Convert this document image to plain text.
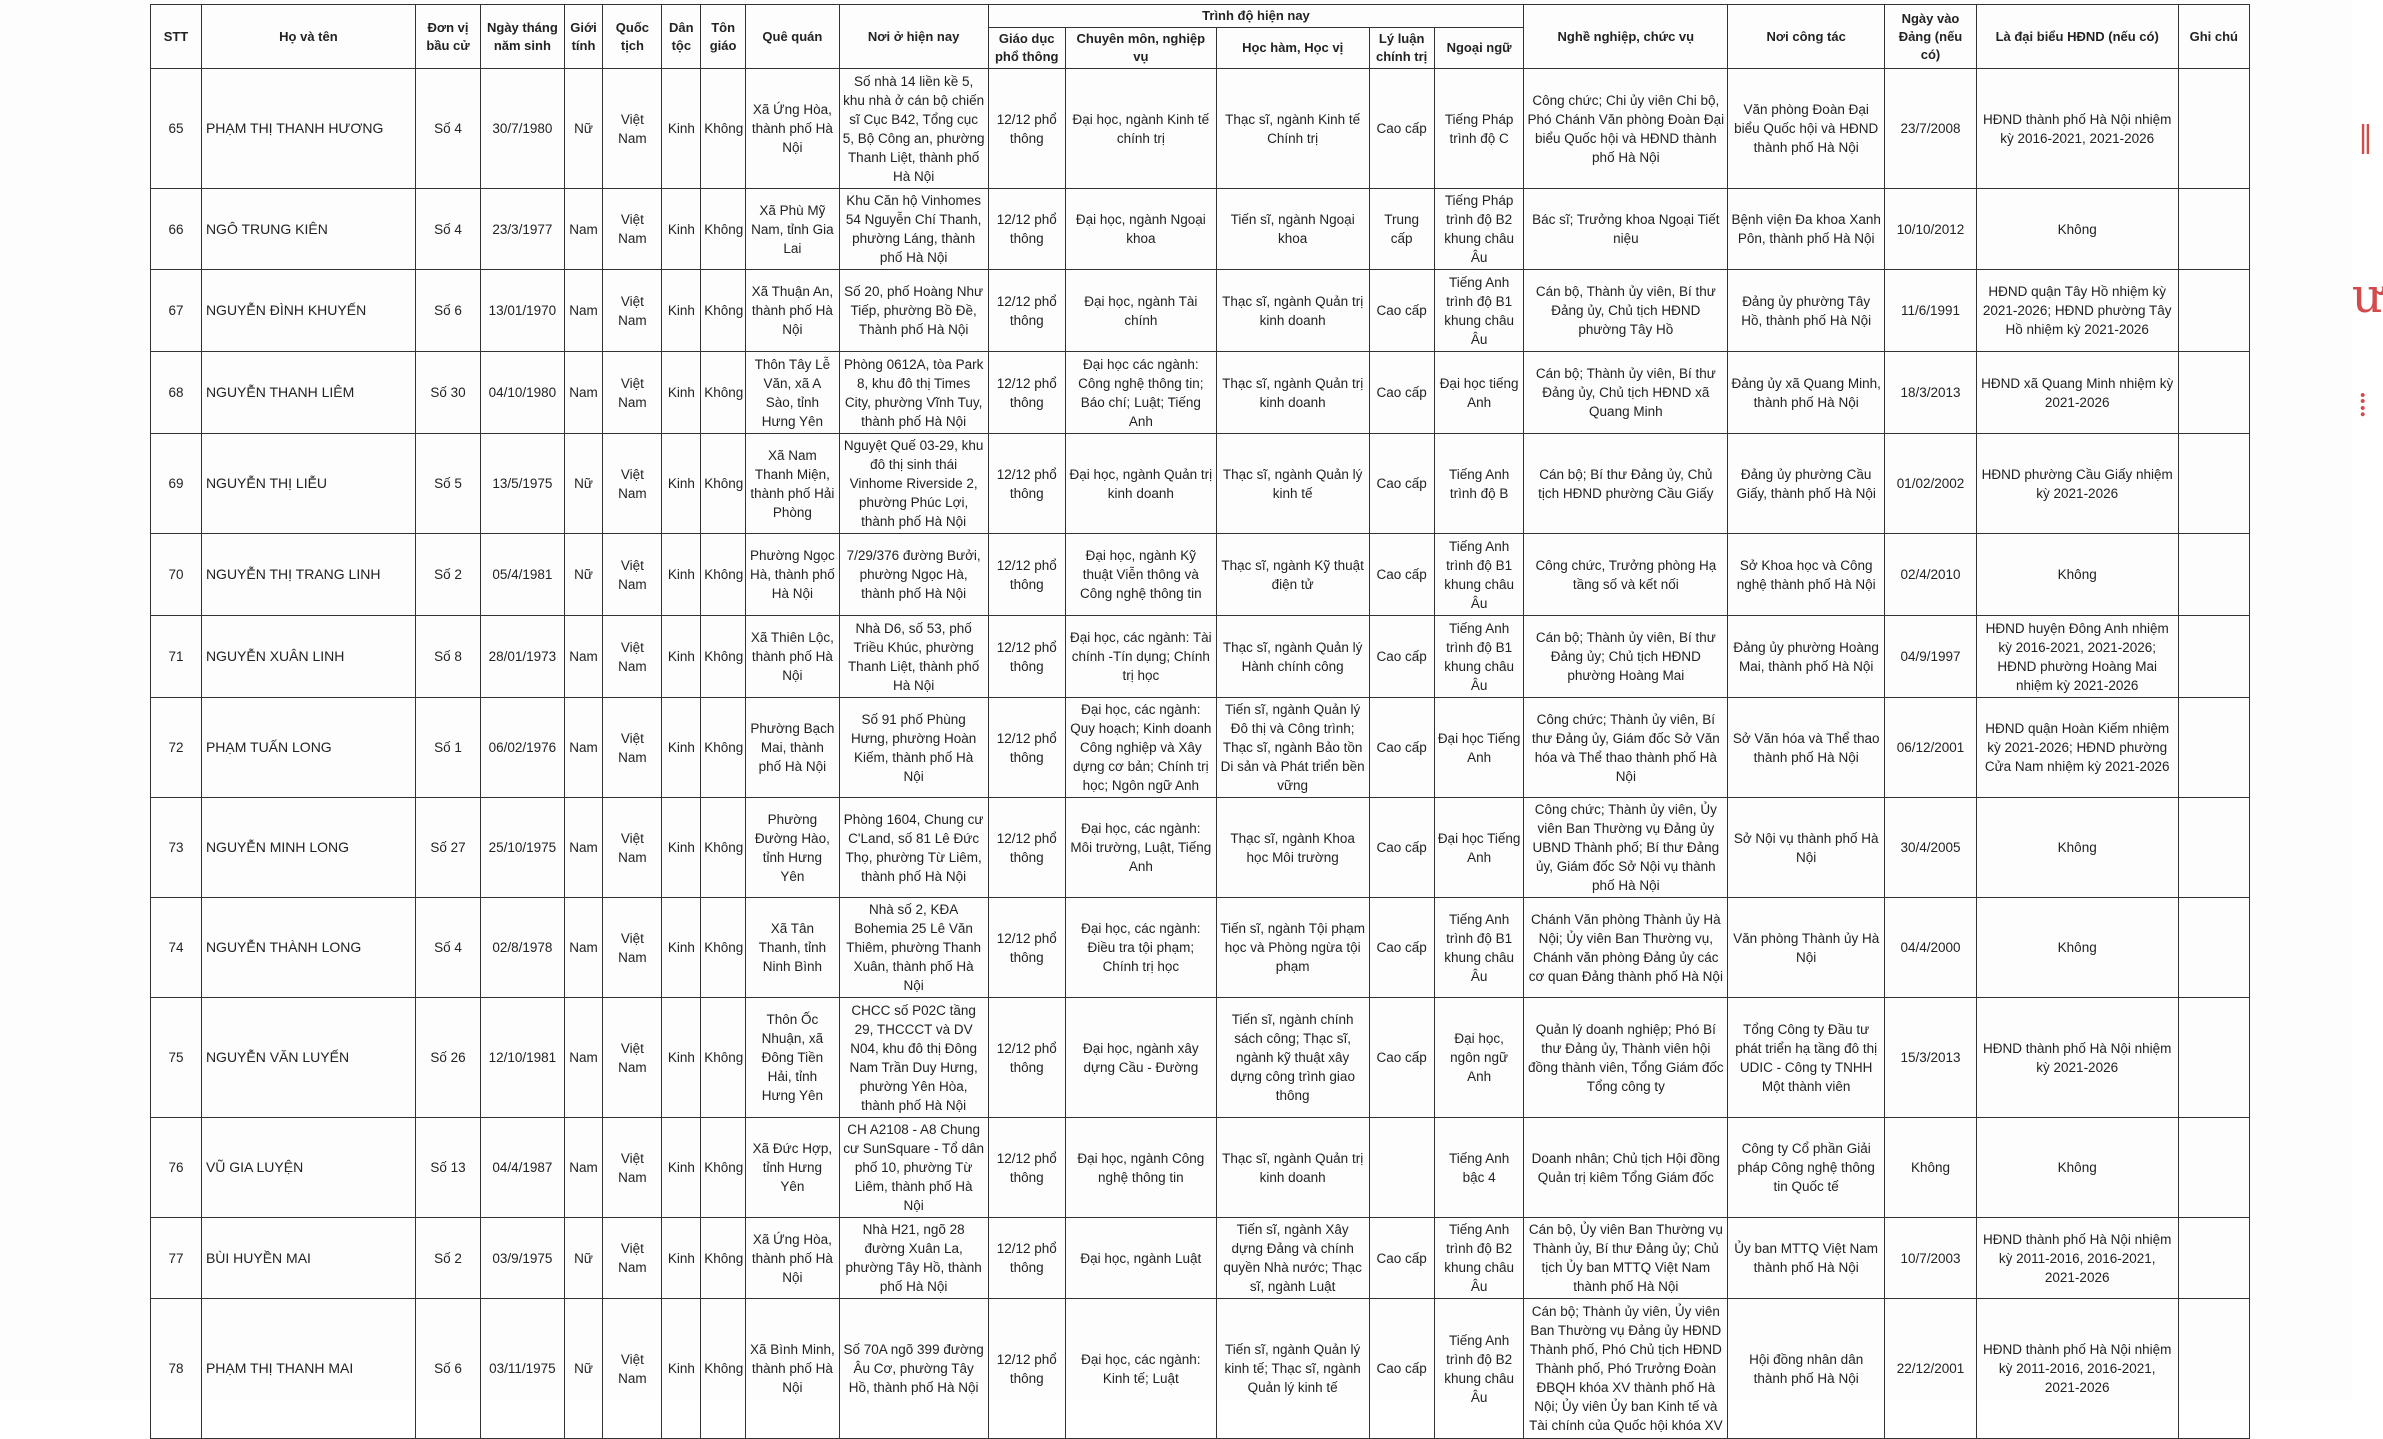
STT	Họ và tên	Đơn vị bầu cử	Ngày tháng năm sinh	Giới tính	Quốc tịch	Dân tộc	Tôn giáo	Quê quán	Nơi ở hiện nay	Trình độ hiện nay					Nghề nghiệp, chức vụ	Nơi công tác	Ngày vào Đảng (nếu có)	Là đại biểu HĐND (nếu có)	Ghi chú
										Giáo dục phổ thông	Chuyên môn, nghiệp vụ	Học hàm, Học vị	Lý luận chính trị	Ngoại ngữ					
65	PHẠM THỊ THANH HƯƠNG	Số 4	30/7/1980	Nữ	Việt Nam	Kinh	Không	Xã Ứng Hòa, thành phố Hà Nội	Số nhà 14 liền kề 5, khu nhà ở cán bộ chiến sĩ Cục B42, Tổng cục 5, Bộ Công an, phường Thanh Liệt, thành phố Hà Nội	12/12 phổ thông	Đại học, ngành Kinh tế chính trị	Thạc sĩ, ngành Kinh tế Chính trị	Cao cấp	Tiếng Pháp trình độ C	Công chức; Chi ủy viên Chi bộ, Phó Chánh Văn phòng Đoàn Đại biểu Quốc hội và HĐND thành phố Hà Nội	Văn phòng Đoàn Đại biểu Quốc hội và HĐND thành phố Hà Nội	23/7/2008	HĐND thành phố Hà Nội nhiệm kỳ 2016-2021, 2021-2026	
66	NGÔ TRUNG KIÊN	Số 4	23/3/1977	Nam	Việt Nam	Kinh	Không	Xã Phù Mỹ Nam, tỉnh Gia Lai	Khu Căn hộ Vinhomes 54 Nguyễn Chí Thanh, phường Láng, thành phố Hà Nội	12/12 phổ thông	Đại học, ngành Ngoại khoa	Tiến sĩ, ngành Ngoại khoa	Trung cấp	Tiếng Pháp trình độ B2 khung châu Âu	Bác sĩ; Trưởng khoa Ngoại Tiết niệu	Bệnh viện Đa khoa Xanh Pôn, thành phố Hà Nội	10/10/2012	Không	
67	NGUYỄN ĐÌNH KHUYẾN	Số 6	13/01/1970	Nam	Việt Nam	Kinh	Không	Xã Thuận An, thành phố Hà Nội	Số 20, phố Hoàng Như Tiếp, phường Bồ Đề, Thành phố Hà Nội	12/12 phổ thông	Đại học, ngành Tài chính	Thạc sĩ, ngành Quản trị kinh doanh	Cao cấp	Tiếng Anh trình độ B1 khung châu Âu	Cán bộ, Thành ủy viên, Bí thư Đảng ủy, Chủ tịch HĐND phường Tây Hồ	Đảng ủy phường Tây Hồ, thành phố Hà Nội	11/6/1991	HĐND quận Tây Hồ nhiệm kỳ 2021-2026; HĐND phường Tây Hồ nhiệm kỳ 2021-2026	
68	NGUYỄN THANH LIÊM	Số 30	04/10/1980	Nam	Việt Nam	Kinh	Không	Thôn Tây Lễ Văn, xã A Sào, tỉnh Hưng Yên	Phòng 0612A, tòa Park 8, khu đô thị Times City, phường Vĩnh Tuy, thành phố Hà Nội	12/12 phổ thông	Đại học các ngành: Công nghệ thông tin; Báo chí; Luật; Tiếng Anh	Thạc sĩ, ngành Quản trị kinh doanh	Cao cấp	Đại học tiếng Anh	Cán bộ; Thành ủy viên, Bí thư Đảng ủy, Chủ tịch HĐND xã Quang Minh	Đảng ủy xã Quang Minh, thành phố Hà Nội	18/3/2013	HĐND xã Quang Minh nhiệm kỳ 2021-2026	
69	NGUYỄN THỊ LIỄU	Số 5	13/5/1975	Nữ	Việt Nam	Kinh	Không	Xã Nam Thanh Miện, thành phố Hải Phòng	Nguyệt Quế 03-29, khu đô thị sinh thái Vinhome Riverside 2, phường Phúc Lợi, thành phố Hà Nội	12/12 phổ thông	Đại học, ngành Quản trị kinh doanh	Thạc sĩ, ngành Quản lý kinh tế	Cao cấp	Tiếng Anh trình độ B	Cán bộ; Bí thư Đảng ủy, Chủ tịch HĐND phường Cầu Giấy	Đảng ủy phường Cầu Giấy, thành phố Hà Nội	01/02/2002	HĐND phường Cầu Giấy nhiệm kỳ 2021-2026	
70	NGUYỄN THỊ TRANG LINH	Số 2	05/4/1981	Nữ	Việt Nam	Kinh	Không	Phường Ngọc Hà, thành phố Hà Nội	7/29/376 đường Bưởi, phường Ngọc Hà, thành phố Hà Nội	12/12 phổ thông	Đại học, ngành Kỹ thuật Viễn thông và Công nghệ thông tin	Thạc sĩ, ngành Kỹ thuật điện tử	Cao cấp	Tiếng Anh trình độ B1 khung châu Âu	Công chức, Trưởng phòng Hạ tầng số và kết nối	Sở Khoa học và Công nghệ thành phố Hà Nội	02/4/2010	Không	
71	NGUYỄN XUÂN LINH	Số 8	28/01/1973	Nam	Việt Nam	Kinh	Không	Xã Thiên Lộc, thành phố Hà Nội	Nhà D6, số 53, phố Triều Khúc, phường Thanh Liệt, thành phố Hà Nội	12/12 phổ thông	Đại học, các ngành: Tài chính -Tín dụng; Chính trị học	Thạc sĩ, ngành Quản lý Hành chính công	Cao cấp	Tiếng Anh trình độ B1 khung châu Âu	Cán bộ; Thành ủy viên, Bí thư Đảng ủy; Chủ tịch HĐND phường Hoàng Mai	Đảng ủy phường Hoàng Mai, thành phố Hà Nội	04/9/1997	HĐND huyện Đông Anh nhiệm kỳ 2016-2021, 2021-2026; HĐND phường Hoàng Mai nhiệm kỳ 2021-2026	
72	PHẠM TUẤN LONG	Số 1	06/02/1976	Nam	Việt Nam	Kinh	Không	Phường Bạch Mai, thành phố Hà Nội	Số 91 phố Phùng Hưng, phường Hoàn Kiếm, thành phố Hà Nội	12/12 phổ thông	Đại học, các ngành: Quy hoạch; Kinh doanh Công nghiệp và Xây dựng cơ bản; Chính trị học; Ngôn ngữ Anh	Tiến sĩ, ngành Quản lý Đô thị và Công trình; Thạc sĩ, ngành Bảo tồn Di sản và Phát triển bền vững	Cao cấp	Đại học Tiếng Anh	Công chức; Thành ủy viên, Bí thư Đảng ủy, Giám đốc Sở Văn hóa và Thể thao thành phố Hà Nội	Sở Văn hóa và Thể thao thành phố Hà Nội	06/12/2001	HĐND quận Hoàn Kiếm nhiệm kỳ 2021-2026; HĐND phường Cửa Nam nhiệm kỳ 2021-2026	
73	NGUYỄN MINH LONG	Số 27	25/10/1975	Nam	Việt Nam	Kinh	Không	Phường Đường Hào, tỉnh Hưng Yên	Phòng 1604, Chung cư C'Land, số 81 Lê Đức Thọ, phường Từ Liêm, thành phố Hà Nội	12/12 phổ thông	Đại học, các ngành: Môi trường, Luật, Tiếng Anh	Thạc sĩ, ngành Khoa học Môi trường	Cao cấp	Đại học Tiếng Anh	Công chức; Thành ủy viên, Ủy viên Ban Thường vụ Đảng ủy UBND Thành phố; Bí thư Đảng ủy, Giám đốc Sở Nội vụ thành phố Hà Nội	Sở Nội vụ thành phố Hà Nội	30/4/2005	Không	
74	NGUYỄN THÀNH LONG	Số 4	02/8/1978	Nam	Việt Nam	Kinh	Không	Xã Tân Thanh, tỉnh Ninh Bình	Nhà số 2, KĐA Bohemia 25 Lê Văn Thiêm, phường Thanh Xuân, thành phố Hà Nội	12/12 phổ thông	Đại học, các ngành: Điều tra tội phạm; Chính trị học	Tiến sĩ, ngành Tội phạm học và Phòng ngừa tội phạm	Cao cấp	Tiếng Anh trình độ B1 khung châu Âu	Chánh Văn phòng Thành ủy Hà Nội; Ủy viên Ban Thường vụ, Chánh văn phòng Đảng ủy các cơ quan Đảng thành phố Hà Nội	Văn phòng Thành ủy Hà Nội	04/4/2000	Không	
75	NGUYỄN VĂN LUYẾN	Số 26	12/10/1981	Nam	Việt Nam	Kinh	Không	Thôn Ốc Nhuận, xã Đông Tiền Hải, tỉnh Hưng Yên	CHCC số P02C tầng 29, THCCCT và DV N04, khu đô thị Đông Nam Trần Duy Hưng, phường Yên Hòa, thành phố Hà Nội	12/12 phổ thông	Đại học, ngành xây dựng Cầu - Đường	Tiến sĩ, ngành chính sách công; Thạc sĩ, ngành kỹ thuật xây dựng công trình giao thông	Cao cấp	Đại học, ngôn ngữ Anh	Quản lý doanh nghiệp; Phó Bí thư Đảng ủy, Thành viên hội đồng thành viên, Tổng Giám đốc Tổng công ty	Tổng Công ty Đầu tư phát triển hạ tầng đô thị UDIC - Công ty TNHH Một thành viên	15/3/2013	HĐND thành phố Hà Nội nhiệm kỳ 2021-2026	
76	VŨ GIA LUYỆN	Số 13	04/4/1987	Nam	Việt Nam	Kinh	Không	Xã Đức Hợp, tỉnh Hưng Yên	CH A2108 - A8 Chung cư SunSquare - Tổ dân phố 10, phường Từ Liêm, thành phố Hà Nội	12/12 phổ thông	Đại học, ngành Công nghệ thông tin	Thạc sĩ, ngành Quản trị kinh doanh		Tiếng Anh bậc 4	Doanh nhân; Chủ tịch Hội đồng Quản trị kiêm Tổng Giám đốc	Công ty Cổ phần Giải pháp Công nghệ thông tin Quốc tế	Không	Không	
77	BÙI HUYỀN MAI	Số 2	03/9/1975	Nữ	Việt Nam	Kinh	Không	Xã Ứng Hòa, thành phố Hà Nội	Nhà H21, ngõ 28 đường Xuân La, phường Tây Hồ, thành phố Hà Nội	12/12 phổ thông	Đại học, ngành Luật	Tiến sĩ, ngành Xây dựng Đảng và chính quyền Nhà nước; Thạc sĩ, ngành Luật	Cao cấp	Tiếng Anh trình độ B2 khung châu Âu	Cán bộ, Ủy viên Ban Thường vụ Thành ủy, Bí thư Đảng ủy; Chủ tịch Ủy ban MTTQ Việt Nam thành phố Hà Nội	Ủy ban MTTQ Việt Nam thành phố Hà Nội	10/7/2003	HĐND thành phố Hà Nội nhiệm kỳ 2011-2016, 2016-2021, 2021-2026	
78	PHẠM THỊ THANH MAI	Số 6	03/11/1975	Nữ	Việt Nam	Kinh	Không	Xã Bình Minh, thành phố Hà Nội	Số 70A ngõ 399 đường Âu Cơ, phường Tây Hồ, thành phố Hà Nội	12/12 phổ thông	Đại học, các ngành: Kinh tế; Luật	Tiến sĩ, ngành Quản lý kinh tế; Thạc sĩ, ngành Quản lý kinh tế	Cao cấp	Tiếng Anh trình độ B2 khung châu Âu	Cán bộ; Thành ủy viên, Ủy viên Ban Thường vụ Đảng ủy HĐND Thành phố, Phó Chủ tịch HĐND Thành phố, Phó Trưởng Đoàn ĐBQH khóa XV thành phố Hà Nội; Ủy viên Ủy ban Kinh tế và Tài chính của Quốc hội khóa XV	Hội đồng nhân dân thành phố Hà Nội	22/12/2001	HĐND thành phố Hà Nội nhiệm kỳ 2011-2016, 2016-2021, 2021-2026	
‖
ư
⁞
